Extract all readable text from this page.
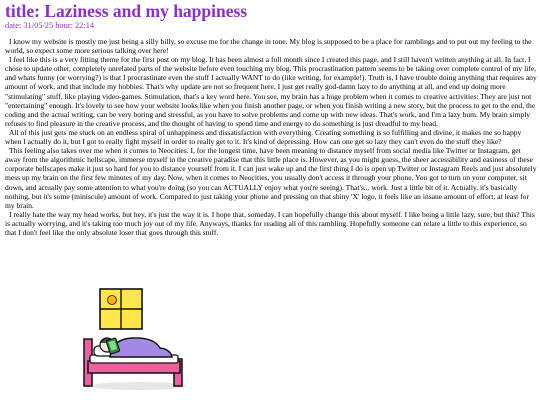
title: Laziness and my happiness
date: 31/05/25 hour: 22:14

I know my website is mostly me just being a silly billy, so excuse me for the change in tone. My blog is supposed to be a place for ramblings and to put out my feeling to the world, so expect some more serious talking over here!

I feel like this is a very fitting theme for the first post on my blog. It has been almost a full month since I created this page, and I still haven't written anything at all. In fact, I chose to update other, completely unrelated parts of the website before even touching my blog. This procrastination pattern seems to be taking over complete control of my life, and whats funny (or worrying?) is that I procrastinate even the stuff I actually WANT to do (like writing, for example!). Truth is, I have trouble doing anything that requires any amount of work, and that include my hobbies. That's why update are not so frequent here, I just get really god-damn lazy to do anything at all, and end up doing more "stimulating" stuff, like playing video-games. Stimulation, that's a key word here. You see, my brain has a huge problem when it comes to creative activities: They are just not "entertaining" enough. It's lovely to see how your website looks like when you finish another page, or when you finish writing a new story, but the process to get to the end, the coding and the actual writing, can be very boring and stressful, as you have to solve problems and come up with new ideas. That's work, and I'm a lazy bum. My brain simply refuses to find pleasure in the creative process, and the thought of having to spend time and energy to do something is just dreadful to my head.

All of this just gets me stuck on an endless spiral of unhappiness and dissatisfaction with everything. Creating something is so fulfilling and divine, it makes me so happy when I actually do it, but I got to really fight myself in order to really get to it. It's kind of depressing. How can one get so lazy they can't even do the stuff they like?

This feeling also takes over me when it comes to Neocities. I, for the longest time, have been meaning to distance myself from social media like Twitter or Instagram, get away from the algorithmic hellscape, immerse myself in the creative paradise that this little place is. However, as you might guess, the sheer accessibility and easiness of these corporate hellscapes make it just so hard for you to distance yourself from it. I can just wake up and the first thing I do is open up Twitter or Instagram Reels and just absolutely mess up my brain on the first few minutes of my day. Now, when it comes to Neocities, you usually don't access it through your phone. You got to turn on your computer, sit down, and actually pay some attention to what you're doing (so you can ACTUALLY enjoy what you're seeing). That's... work. Just a little bit of it. Actually, it's basically nothing, but it's some (miniscule) amount of work. Compared to just taking your phone and pressing on that shiny 'X' logo, it feels like an insane amount of effort, at least for my brain.

I really hate the way my head works, but hey, it's just the way it is. I hope that, someday, I can hopefully change this about myself. I like being a little lazy, sure, but this? This is actually worrying, and it's taking too much joy out of my life. Anyways, thanks for reading all of this rambling. Hopefully someone can relate a little to this experience, so that I don't feel like the only absolute loser that goes through this stuff.
